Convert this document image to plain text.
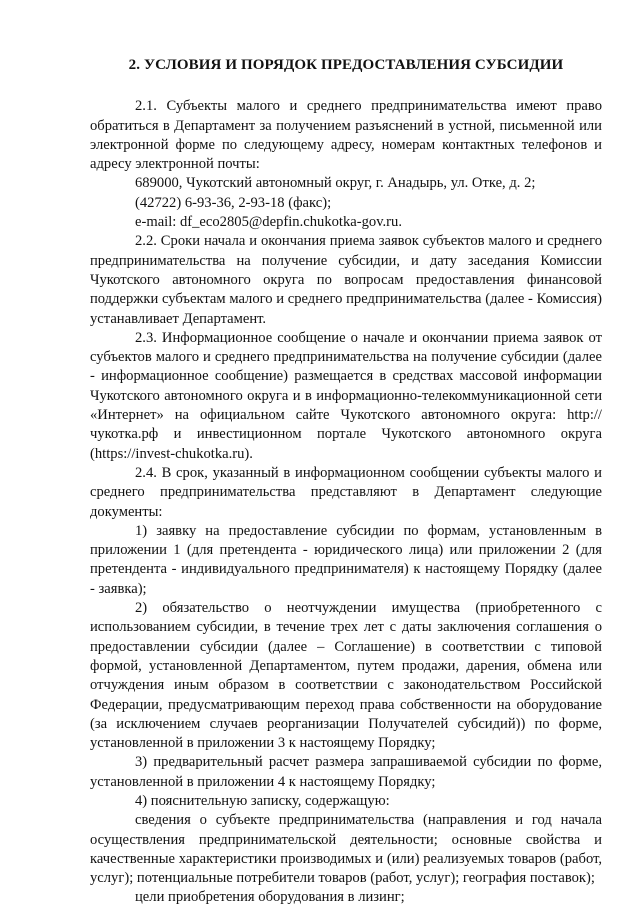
2. УСЛОВИЯ И ПОРЯДОК ПРЕДОСТАВЛЕНИЯ СУБСИДИИ
2.1. Субъекты малого и среднего предпринимательства имеют право обратиться в Департамент за получением разъяснений в устной, письменной или электронной форме по следующему адресу, номерам контактных телефонов и адресу электронной почты:
689000, Чукотский автономный округ, г. Анадырь, ул. Отке, д. 2;
(42722) 6-93-36, 2-93-18 (факс);
e-mail: df_eco2805@depfin.chukotka-gov.ru.
2.2. Сроки начала и окончания приема заявок субъектов малого и среднего предпринимательства на получение субсидии, и дату заседания Комиссии Чукотского автономного округа по вопросам предоставления финансовой поддержки субъектам малого и среднего предпринимательства (далее - Комиссия) устанавливает Департамент.
2.3. Информационное сообщение о начале и окончании приема заявок от субъектов малого и среднего предпринимательства на получение субсидии (далее - информационное сообщение) размещается в средствах массовой информации Чукотского автономного округа и в информационно-телекоммуникационной сети «Интернет» на официальном сайте Чукотского автономного округа: http://чукотка.рф и инвестиционном портале Чукотского автономного округа (https://invest-chukotka.ru).
2.4. В срок, указанный в информационном сообщении субъекты малого и среднего предпринимательства представляют в Департамент следующие документы:
1) заявку на предоставление субсидии по формам, установленным в приложении 1 (для претендента - юридического лица) или приложении 2 (для претендента - индивидуального предпринимателя) к настоящему Порядку (далее - заявка);
2) обязательство о неотчуждении имущества (приобретенного с использованием субсидии, в течение трех лет с даты заключения соглашения о предоставлении субсидии (далее – Соглашение) в соответствии с типовой формой, установленной Департаментом, путем продажи, дарения, обмена или отчуждения иным образом в соответствии с законодательством Российской Федерации, предусматривающим переход права собственности на оборудование (за исключением случаев реорганизации Получателей субсидий)) по форме, установленной в приложении 3 к настоящему Порядку;
3) предварительный расчет размера запрашиваемой субсидии по форме, установленной в приложении 4 к настоящему Порядку;
4) пояснительную записку, содержащую:
сведения о субъекте предпринимательства (направления и год начала осуществления предпринимательской деятельности; основные свойства и качественные характеристики производимых и (или) реализуемых товаров (работ, услуг); потенциальные потребители товаров (работ, услуг); география поставок);
цели приобретения оборудования в лизинг;
